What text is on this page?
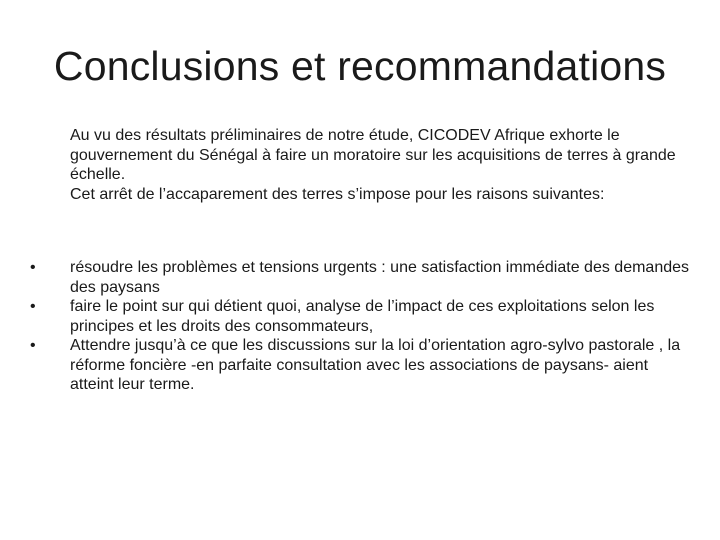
Conclusions et recommandations

Au vu des résultats préliminaires de notre étude, CICODEV Afrique exhorte le gouvernement du Sénégal à faire un moratoire sur les acquisitions de terres à grande échelle.

Cet arrêt de l’accaparement des terres s’impose pour les raisons suivantes:

•	résoudre les problèmes et tensions urgents : une satisfaction immédiate des demandes des paysans
•	faire le point sur qui détient quoi, analyse de l’impact de ces exploitations selon les principes et les droits des consommateurs,
•	Attendre jusqu’à ce que les discussions sur la loi d’orientation agro-sylvo pastorale , la réforme foncière -en parfaite consultation avec les associations de paysans- aient atteint leur terme.
